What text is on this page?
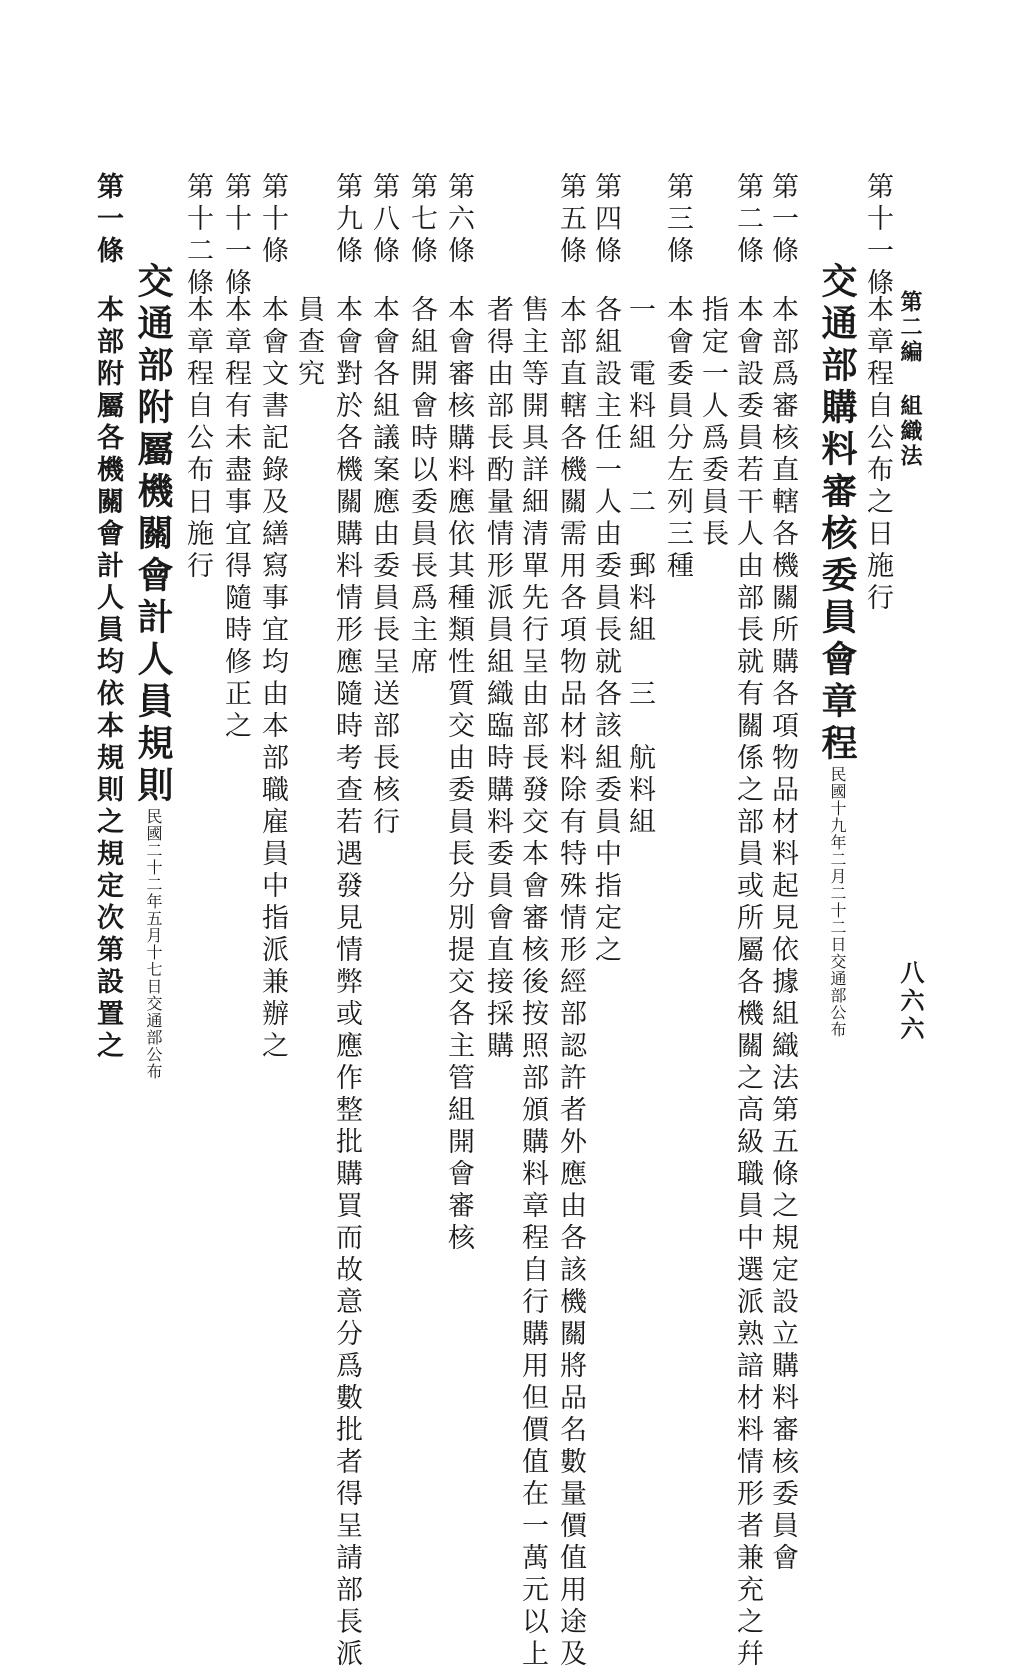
第二編 組織法
八六六
第十一條
本章程自公布之日施行
交通部購料審核委員會章程民國十九年二月二十二日交通部公布
第一條
本部爲審核直轄各機關所購各項物品材料起見依據組織法第五條之規定設立購料審核委員會
第二條
本會設委員若干人由部長就有關係之部員或所屬各機關之高級職員中選派熟諳材料情形者兼充之幷
指定一人爲委員長
第三條
本會委員分左列三種
一　電料組　二　郵料組　三　航料組
第四條
各組設主任一人由委員長就各該組委員中指定之
第五條
本部直轄各機關需用各項物品材料除有特殊情形經部認許者外應由各該機關將品名數量價值用途及
售主等開具詳細清單先行呈由部長發交本會審核後按照部頒購料章程自行購用但價值在一萬元以上
者得由部長酌量情形派員組織臨時購料委員會直接採購
第六條
本會審核購料應依其種類性質交由委員長分別提交各主管組開會審核
第七條
各組開會時以委員長爲主席
第八條
本會各組議案應由委員長呈送部長核行
第九條
本會對於各機關購料情形應隨時考查若遇發見情弊或應作整批購買而故意分爲數批者得呈請部長派
員查究
第十條
本會文書記錄及繕寫事宜均由本部職雇員中指派兼辦之
第十一條
本章程有未盡事宜得隨時修正之
第十二條
本章程自公布日施行
交通部附屬機關會計人員規則民國二十二年五月十七日交通部公布
第一條
本部附屬各機關會計人員均依本規則之規定次第設置之
